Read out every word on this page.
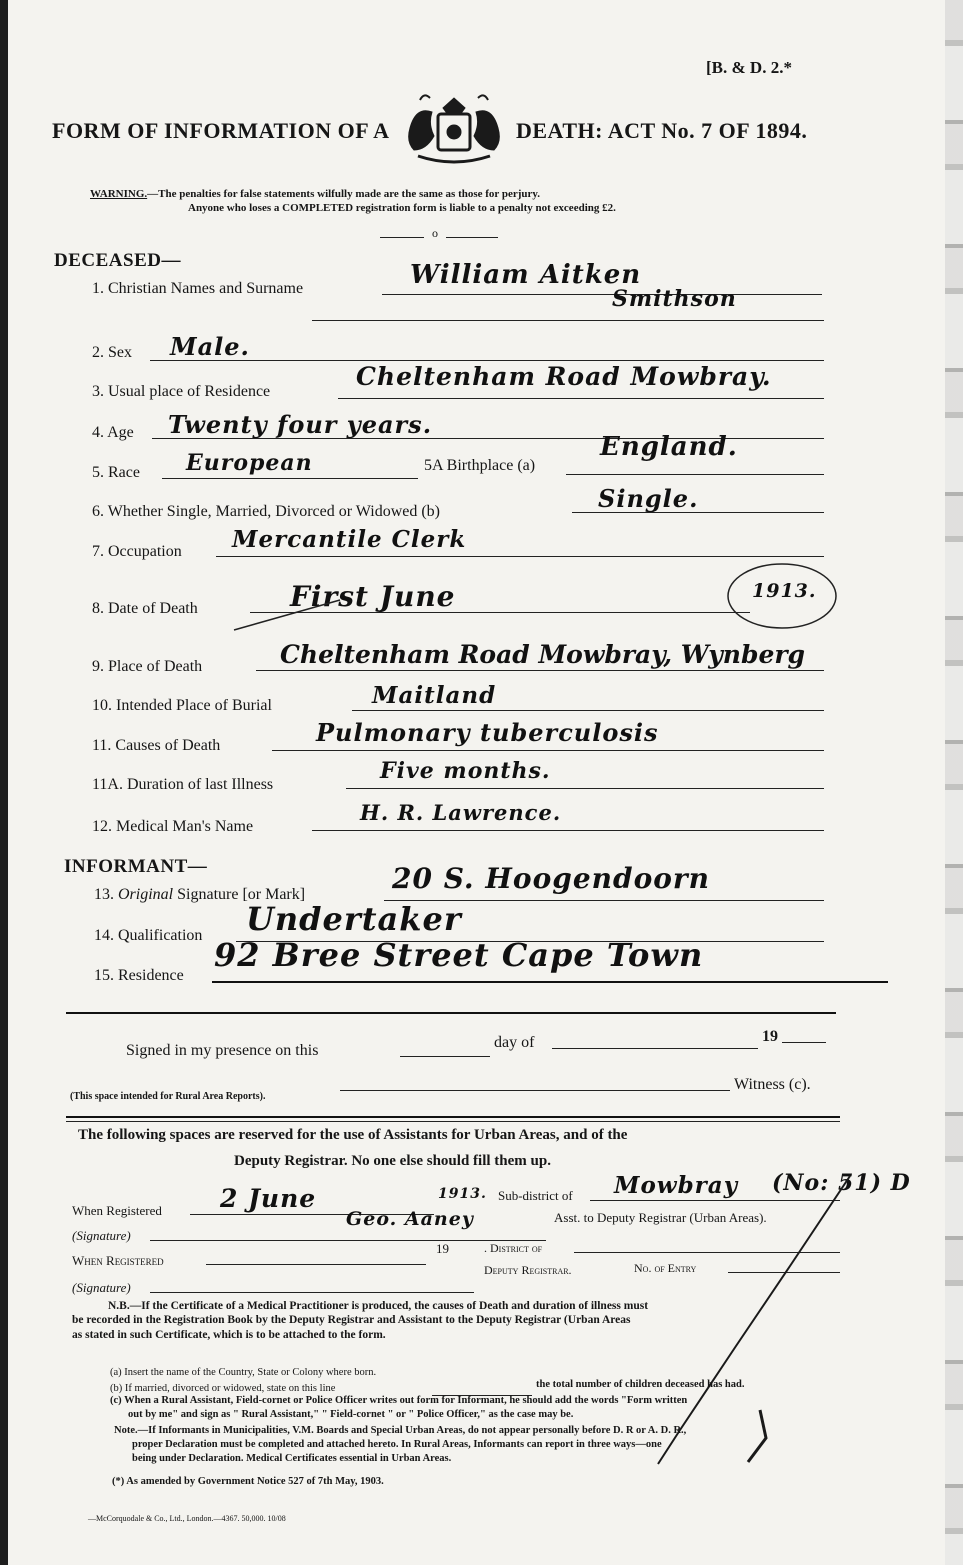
[B. & D. 2.*
FORM OF INFORMATION OF A	DEATH: ACT No. 7 OF 1894.
WARNING.—The penalties for false statements wilfully made are the same as those for perjury.
Anyone who loses a COMPLETED registration form is liable to a penalty not exceeding £2.
o
DECEASED—
1. Christian Names and Surname	William Aitken
Smithson
2. Sex Male.
3. Usual place of Residence
Cheltenham Road Mowbray.
4. Age Twenty four years.
5. Race European	5A Birthplace (a)
England.
6. Whether Single, Married, Divorced or Widowed (b)	Single.
7. Occupation Mercantile Clerk
8. Date of Death	First June	1913.
9. Place of Death	Cheltenham Road Mowbray, Wynberg
10. Intended Place of Burial	Maitland
11. Causes of Death	Pulmonary tuberculosis
11A. Duration of last Illness
Five months.
12. Medical Man's Name
H. R. Lawrence.
INFORMANT—
13. Original Signature [or Mark]	20 S. Hoogendoorn
14. Qualification Undertaker
15. Residence
92 Bree Street Cape Town
Signed in my presence on this	day of	19
(This space intended for Rural Area Reports).
Witness (c).
The following spaces are reserved for the use of Assistants for Urban Areas, and of the
Deputy Registrar. No one else should fill them up.
When Registered 2 June	1913. Sub-district of Mowbray (No: 51) D
(Signature)
Geo. Aaney	Asst. to Deputy Registrar (Urban Areas).
When Registered
19	. District of
(Signature)
Deputy Registrar.	No. of Entry
N.B.—If the Certificate of a Medical Practitioner is produced, the causes of Death and duration of illness must
be recorded in the Registration Book by the Deputy Registrar and Assistant to the Deputy Registrar (Urban Areas
as stated in such Certificate, which is to be attached to the form.
(a) Insert the name of the Country, State or Colony where born.
(b) If married, divorced or widowed, state on this line	the total number of children deceased has had.
(c) When a Rural Assistant, Field-cornet or Police Officer writes out form for Informant, he should add the words "Form written
out by me" and sign as " Rural Assistant," " Field-cornet " or " Police Officer," as the case may be.
Note.—If Informants in Municipalities, V.M. Boards and Special Urban Areas, do not appear personally before D. R or A. D. R.,
proper Declaration must be completed and attached hereto. In Rural Areas, Informants can report in three ways—one
being under Declaration. Medical Certificates essential in Urban Areas.
(*) As amended by Government Notice 527 of 7th May, 1903.
—McCorquodale & Co., Ltd., London.—4367. 50,000. 10/08
